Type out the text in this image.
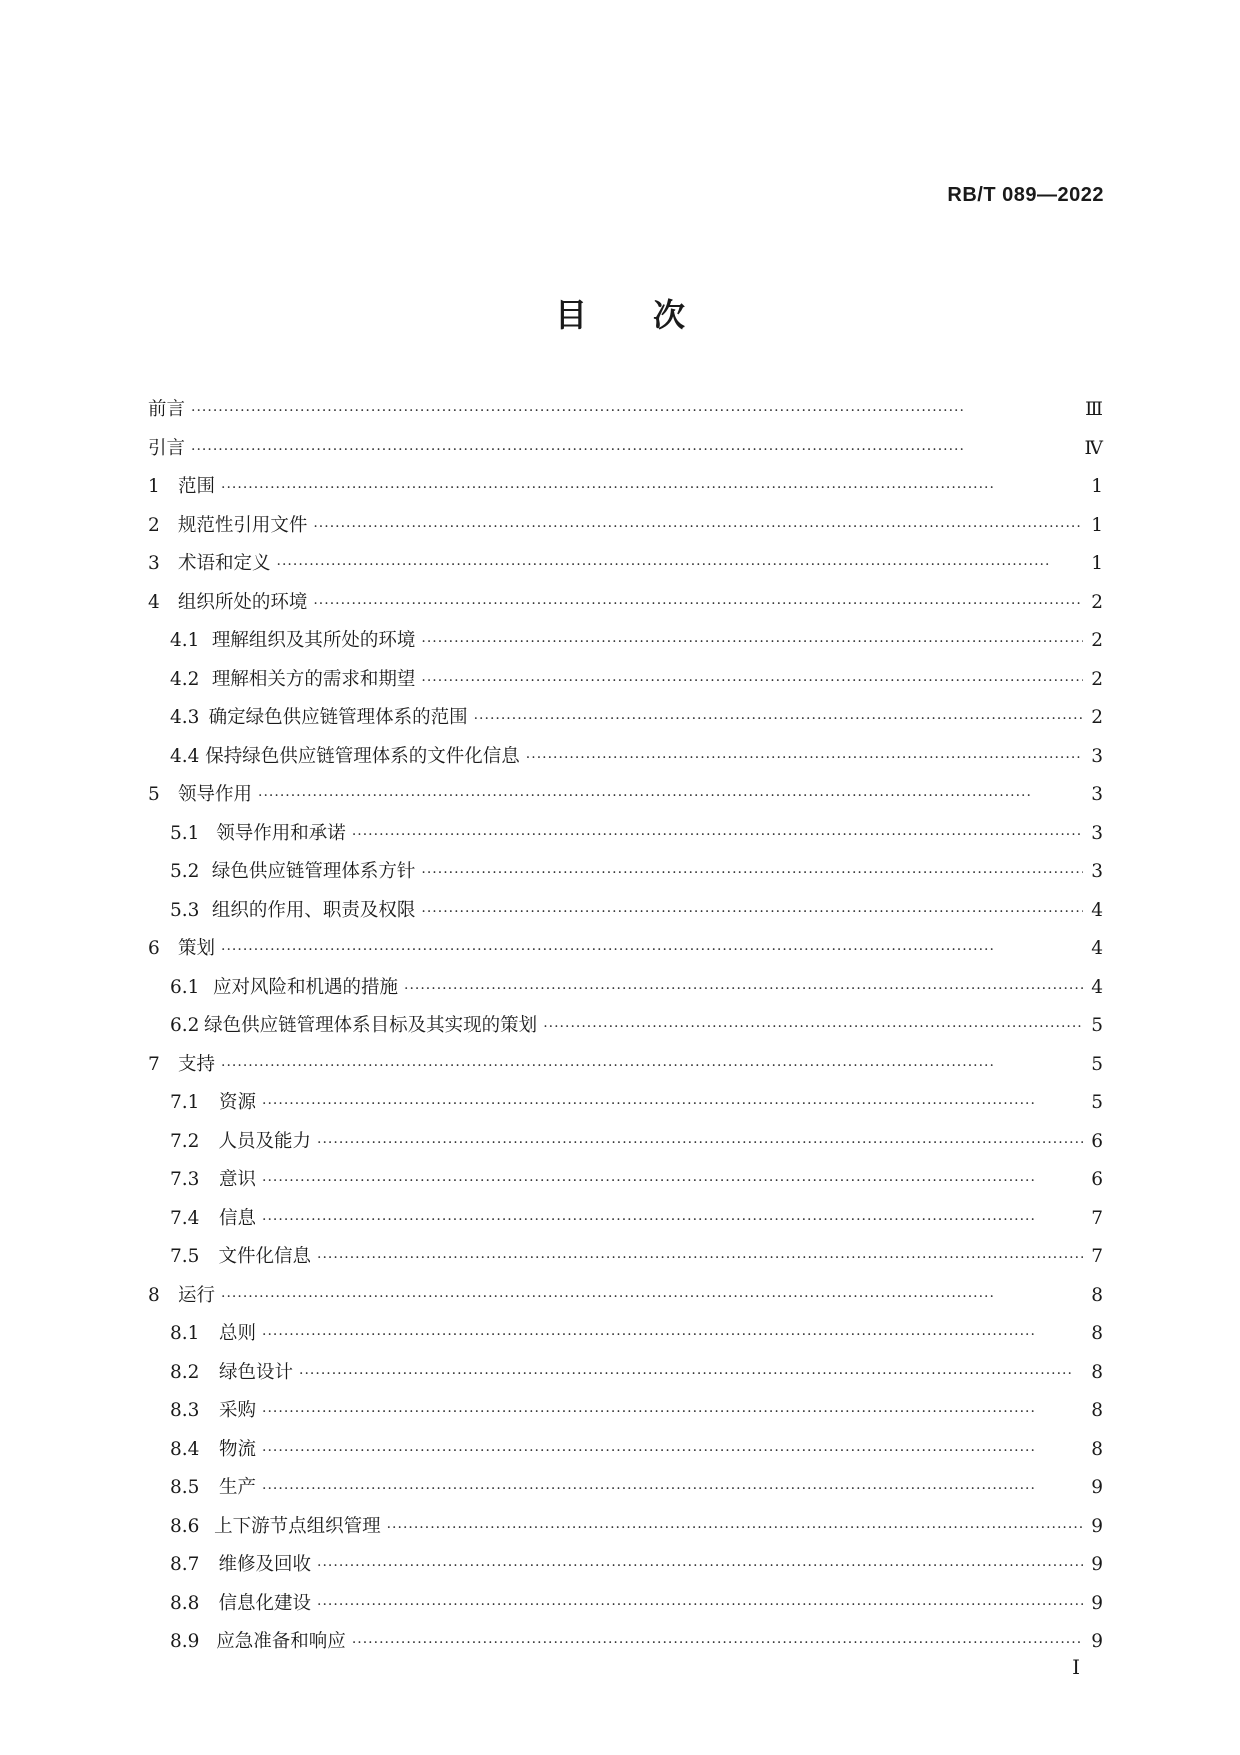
RB/T 089—2022
目 次
前言 ·····	Ⅲ
引言 ·····	Ⅳ
1 范围 ·····	1
2 规范性引用文件 ·····	1
3 术语和定义 ·····	1
4 组织所处的环境 ·····	2
4.1 理解组织及其所处的环境 ·····	2
4.2 理解相关方的需求和期望 ·····	2
4.3 确定绿色供应链管理体系的范围 ·····	2
4.4 保持绿色供应链管理体系的文件化信息 ·····	3
5 领导作用 ·····	3
5.1 领导作用和承诺 ·····	3
5.2 绿色供应链管理体系方针 ·····	3
5.3 组织的作用、职责及权限 ·····	4
6 策划 ·····	4
6.1 应对风险和机遇的措施 ·····	4
6.2 绿色供应链管理体系目标及其实现的策划 ·····	5
7 支持 ·····	5
7.1	资源 ·····	5
7.2	人员及能力 ·····	6
7.3	意识 ·····	6
7.4	信息 ·····	7
7.5	文件化信息 ·····	7
8 运行 ·····	8
8.1	总则 ·····	8
8.2	绿色设计 ·····	8
8.3	采购 ·····	8
8.4	物流 ·····	8
8.5	生产 ·····	9
8.6 上下游节点组织管理 ·····	9
8.7	维修及回收 ·····	9
8.8	信息化建设 ·····	9
8.9 应急准备和响应 ·····	9
I
